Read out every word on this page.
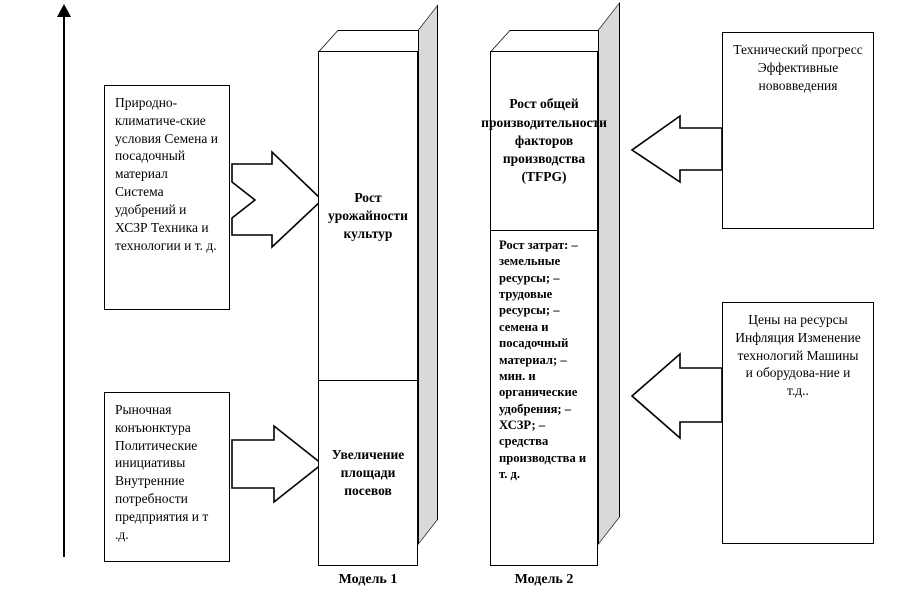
Природно-климатиче-ские условия Семена и посадочный материал Система удобрений и ХСЗР Техника и технологии и т. д.
Рыночная конъюнктура Политические инициативы Внутренние потребности предприятия и т .д.
Технический прогресс Эффективные нововведения
Цены на ресурсы Инфляция Изменение технологий Машины и оборудова-ние и т.д..
Рост урожайности культур
Увеличение площади посевов
Модель 1
Рост общей производительности факторов производства (TFPG)
Рост затрат: – земельные ресурсы; – трудовые ресурсы; – семена и посадочный материал; – мин. и органические удобрения; – ХСЗР; – средства производства и т. д.
Модель 2
